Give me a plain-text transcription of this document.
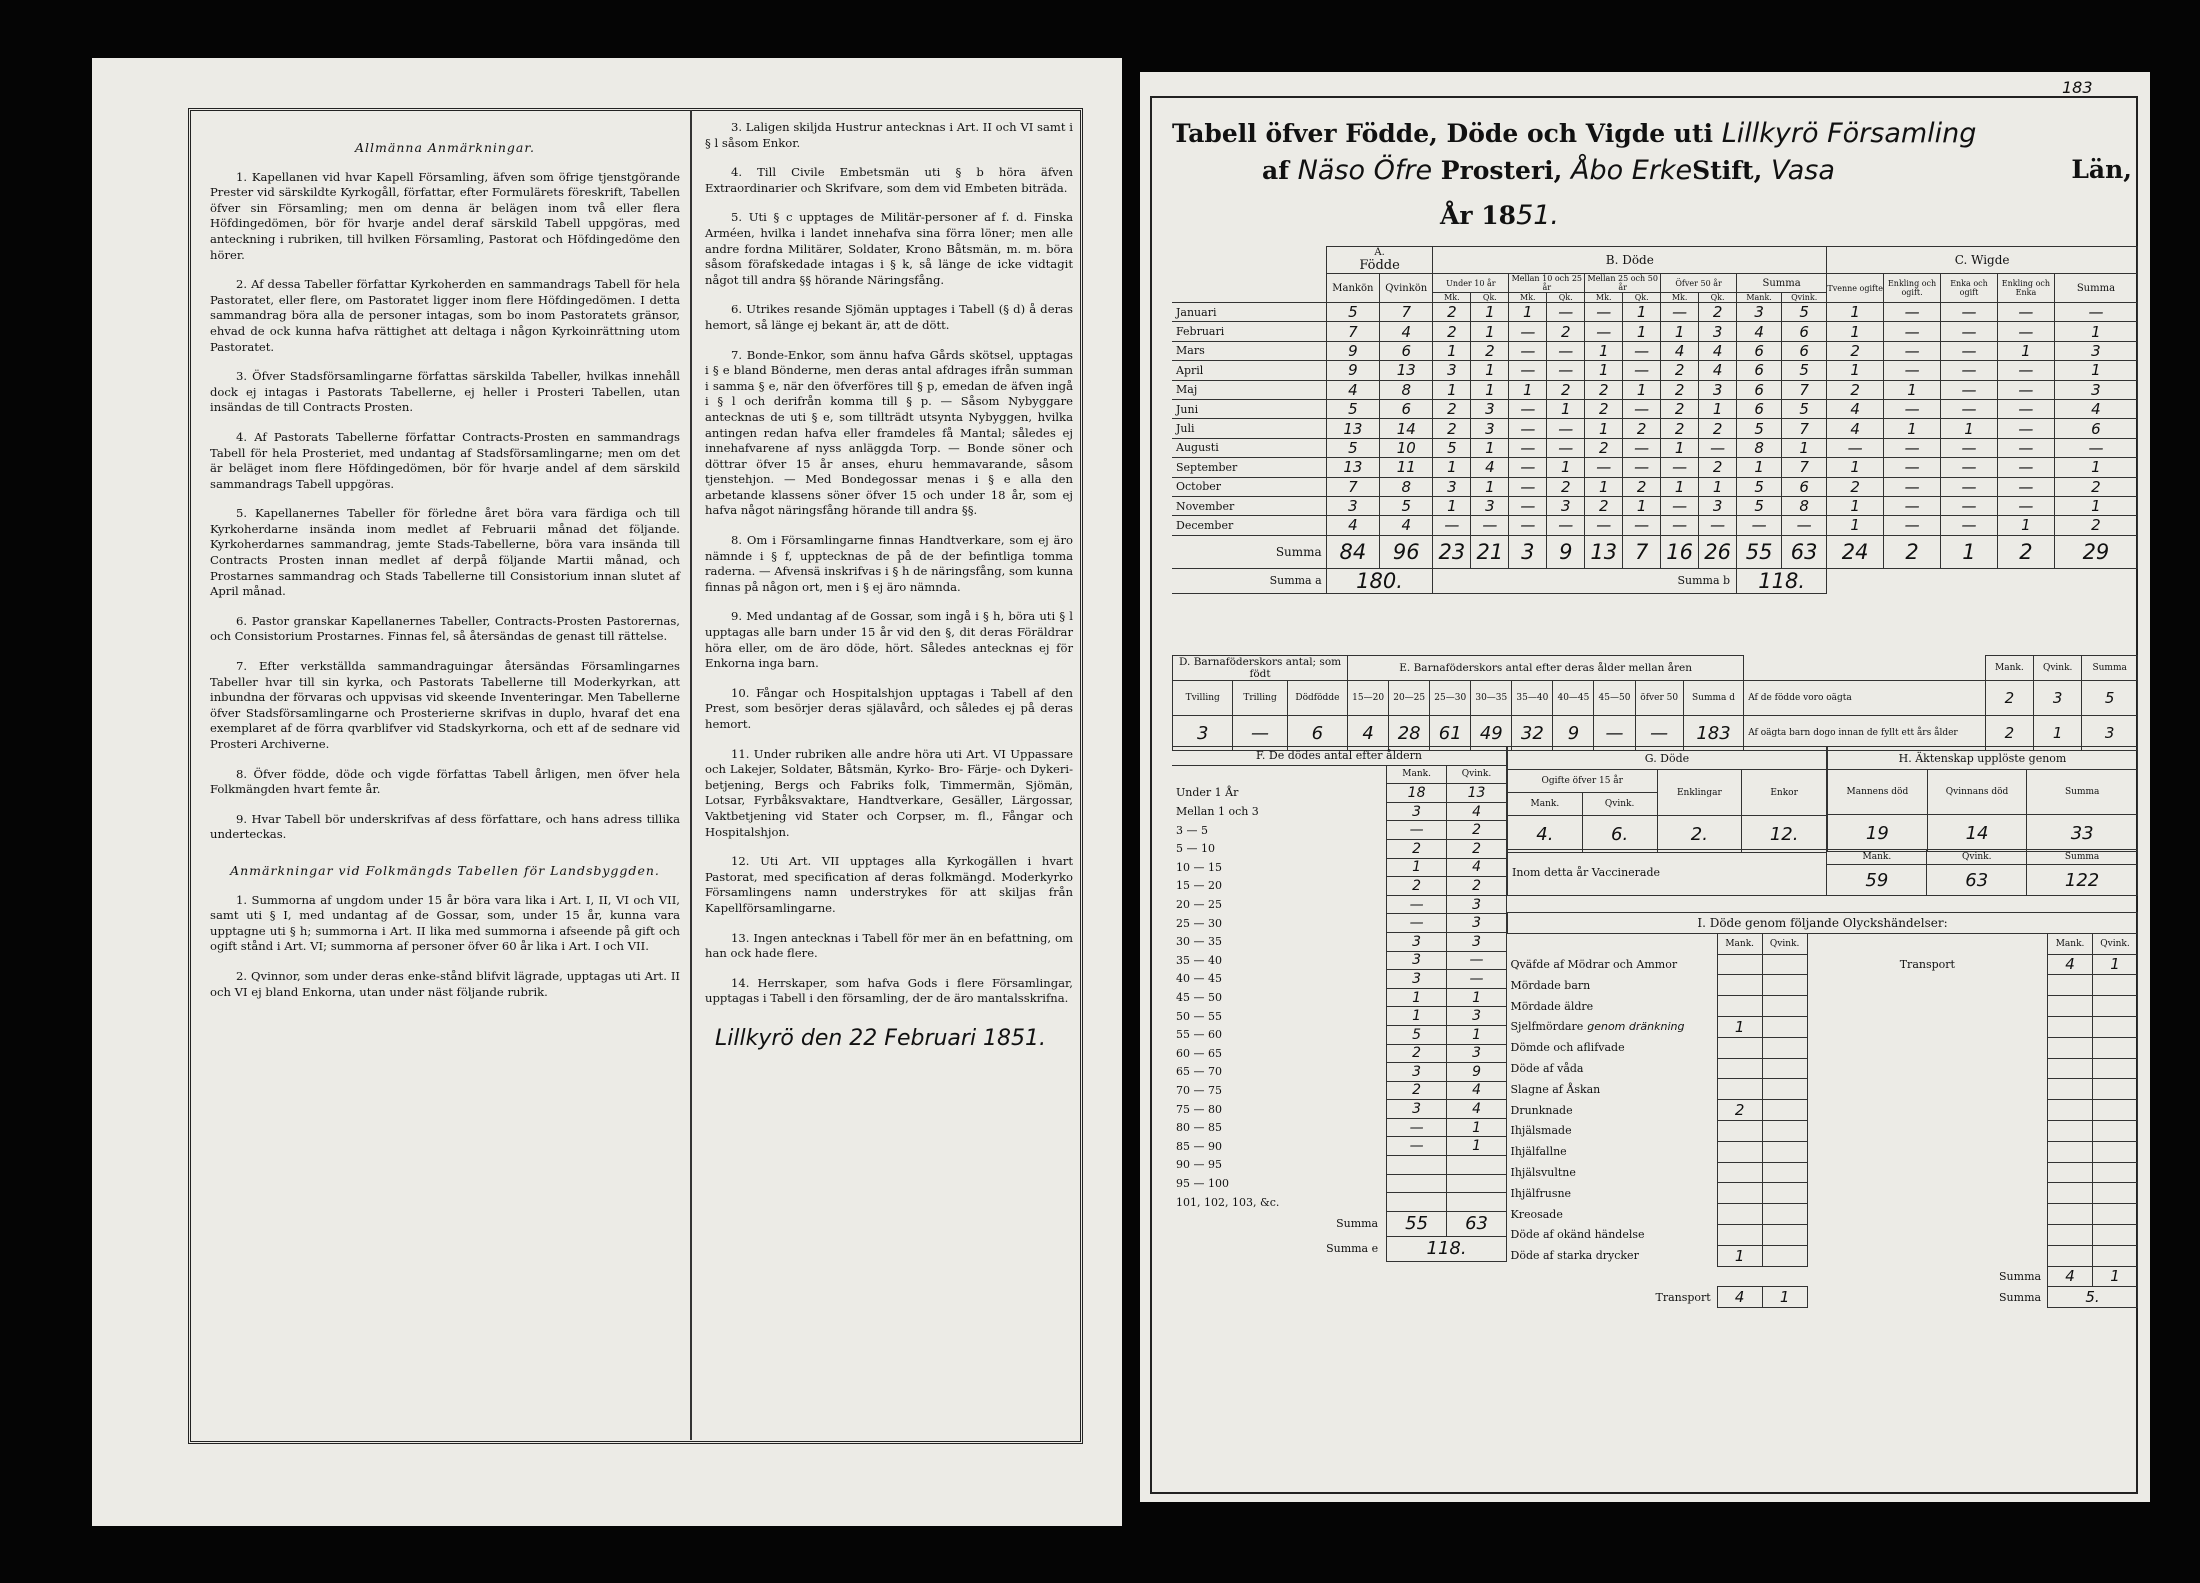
Allmänna Anmärkningar.

1. Kapellanen vid hvar Kapell Församling, äfven som öfrige tjenstgörande Prester vid särskildte Kyrkogåll, författar, efter Formulärets föreskrift, Tabellen öfver sin Församling; men om denna är belägen inom två eller flera Höfdingedömen, bör för hvarje andel deraf särskild Tabell uppgöras, med anteckning i rubriken, till hvilken Församling, Pastorat och Höfdingedöme den hörer.

2. Af dessa Tabeller författar Kyrkoherden en sammandrags Tabell för hela Pastoratet, eller flere, om Pastoratet ligger inom flere Höfdingedömen. I detta sammandrag böra alla de personer intagas, som bo inom Pastoratets gränsor, ehvad de ock kunna hafva rättighet att deltaga i någon Kyrkoinrättning utom Pastoratet.

3. Öfver Stadsförsamlingarne författas särskilda Tabeller, hvilkas innehåll dock ej intagas i Pastorats Tabellerne, ej heller i Prosteri Tabellen, utan insändas de till Contracts Prosten.

4. Af Pastorats Tabellerne författar Contracts-Prosten en sammandrags Tabell för hela Prosteriet, med undantag af Stadsförsamlingarne; men om det är beläget inom flere Höfdingedömen, bör för hvarje andel af dem särskild sammandrags Tabell uppgöras.

5. Kapellanernes Tabeller för förledne året böra vara färdiga och till Kyrkoherdarne insända inom medlet af Februarii månad det följande. Kyrkoherdarnes sammandrag, jemte Stads-Tabellerne, böra vara insända till Contracts Prosten innan medlet af derpå följande Martii månad, och Prostarnes sammandrag och Stads Tabellerne till Consistorium innan slutet af April månad.

6. Pastor granskar Kapellanernes Tabeller, Contracts-Prosten Pastorernas, och Consistorium Prostarnes. Finnas fel, så återsändas de genast till rättelse.

7. Efter verkställda sammandraguingar återsändas Församlingarnes Tabeller hvar till sin kyrka, och Pastorats Tabellerne till Moderkyrkan, att inbundna der förvaras och uppvisas vid skeende Inventeringar. Men Tabellerne öfver Stadsförsamlingarne och Prosterierne skrifvas in duplo, hvaraf det ena exemplaret af de förra qvarblifver vid Stadskyrkorna, och ett af de sednare vid Prosteri Archiverne.

8. Öfver födde, döde och vigde författas Tabell årligen, men öfver hela Folkmängden hvart femte år.

9. Hvar Tabell bör underskrifvas af dess författare, och hans adress tillika underteckas.

Anmärkningar vid Folkmängds Tabellen för Landsbyggden.

1. Summorna af ungdom under 15 år böra vara lika i Art. I, II, VI och VII, samt uti § I, med undantag af de Gossar, som, under 15 år, kunna vara upptagne uti § h; summorna i Art. II lika med summorna i afseende på gift och ogift stånd i Art. VI; summorna af personer öfver 60 år lika i Art. I och VII.

2. Qvinnor, som under deras enke-stånd blifvit lägrade, upptagas uti Art. II och VI ej bland Enkorna, utan under näst följande rubrik.

3. Laligen skiljda Hustrur antecknas i Art. II och VI samt i § l såsom Enkor.

4. Till Civile Embetsmän uti § b höra äfven Extraordinarier och Skrifvare, som dem vid Embeten biträda.

5. Uti § c upptages de Militär-personer af f. d. Finska Arméen, hvilka i landet innehafva sina förra löner; men alle andre fordna Militärer, Soldater, Krono Båtsmän, m. m. böra såsom förafskedade intagas i § k, så länge de icke vidtagit något till andra §§ hörande Näringsfång.

6. Utrikes resande Sjömän upptages i Tabell (§ d) å deras hemort, så länge ej bekant är, att de dött.

7. Bonde-Enkor, som ännu hafva Gårds skötsel, upptagas i § e bland Bönderne, men deras antal afdrages ifrån summan i samma § e, när den öfverföres till § p, emedan de äfven ingå i § l och derifrån komma till § p. — Såsom Nybyggare antecknas de uti § e, som tillträdt utsynta Nybyggen, hvilka antingen redan hafva eller framdeles få Mantal; således ej innehafvarene af nyss anläggda Torp. — Bonde söner och döttrar öfver 15 år anses, ehuru hemmavarande, såsom tjenstehjon. — Med Bondegossar menas i § e alla den arbetande klassens söner öfver 15 och under 18 år, som ej hafva något näringsfång hörande till andra §§.

8. Om i Församlingarne finnas Handtverkare, som ej äro nämnde i § f, upptecknas de på de der befintliga tomma raderna. — Afvensä inskrifvas i § h de näringsfång, som kunna finnas på någon ort, men i § ej äro nämnda.

9. Med undantag af de Gossar, som ingå i § h, böra uti § l upptagas alle barn under 15 år vid den §, dit deras Föräldrar höra eller, om de äro döde, hört. Således antecknas ej för Enkorna inga barn.

10. Fångar och Hospitalshjon upptagas i Tabell af den Prest, som besörjer deras själavård, och således ej på deras hemort.

11. Under rubriken alle andre höra uti Art. VI Uppassare och Lakejer, Soldater, Båtsmän, Kyrko- Bro- Färje- och Dykeri-betjening, Bergs och Fabriks folk, Timmermän, Sjömän, Lotsar, Fyrbåksvaktare, Handtverkare, Gesäller, Lärgossar, Vaktbetjening vid Stater och Corpser, m. fl., Fångar och Hospitalshjon.

12. Uti Art. VII upptages alla Kyrkogällen i hvart Pastorat, med specification af deras folkmängd. Moderkyrko Församlingens namn understrykes för att skiljas från Kapellförsamlingarne.

13. Ingen antecknas i Tabell för mer än en befattning, om han ock hade flere.

14. Herrskaper, som hafva Gods i flere Församlingar, upptagas i Tabell i den församling, der de äro mantalsskrifna.

Lillkyrö den 22 Februari 1851.

183
Tabell öfver Födde, Döde och Vigde uti Lillkyrö Församling
af Näso Öfre Prosteri, Åbo ErkeStift, Vasa	Län,
År 1851.
	A.
Födde		B. Döde										C. Wigde				
	Mankön	Qvinkön	Under 10 år		Mellan 10 och 25 år		Mellan 25 och 50 år		Öfver 50 år		Summa		Tvenne ogifte	Enkling och ogift.	Enka och ogift	Enkling och Enka	Summa
			Mk.	Qk.	Mk.	Qk.	Mk.	Qk.	Mk.	Qk.	Mank.	Qvink.					
Januari	5	7	2	1	1	—	—	1	—	2	3	5	1	—	—	—	—
Februari	7	4	2	1	—	2	—	1	1	3	4	6	1	—	—	—	1
Mars	9	6	1	2	—	—	1	—	4	4	6	6	2	—	—	1	3
April	9	13	3	1	—	—	1	—	2	4	6	5	1	—	—	—	1
Maj	4	8	1	1	1	2	2	1	2	3	6	7	2	1	—	—	3
Juni	5	6	2	3	—	1	2	—	2	1	6	5	4	—	—	—	4
Juli	13	14	2	3	—	—	1	2	2	2	5	7	4	1	1	—	6
Augusti	5	10	5	1	—	—	2	—	1	—	8	1	—	—	—	—	—
September	13	11	1	4	—	1	—	—	—	2	1	7	1	—	—	—	1
October	7	8	3	1	—	2	1	2	1	1	5	6	2	—	—	—	2
November	3	5	1	3	—	3	2	1	—	3	5	8	1	—	—	—	1
December	4	4	—	—	—	—	—	—	—	—	—	—	1	—	—	1	2
Summa	84	96	23	21	3	9	13	7	16	26	55	63	24	2	1	2	29
Summa a	180.		Summa b								118.						
D. Barnaföderskors antal; som födt			E. Barnaföderskors antal efter deras ålder mellan åren										Mank.	Qvink.	Summa
Tvilling	Trilling	Dödfödde	15—20	20—25	25—30	30—35	35—40	40—45	45—50	öfver 50	Summa d	Af de födde voro oägta	2	3	5
3	—	6	4	28	61	49	32	9	—	—	183	Af oägta barn dogo innan de fyllt ett års ålder	2	1	3
F. De dödes antal efter åldern		
	Mank.	Qvink.
Under 1 År	18	13
Mellan 1 och 3	3	4
3 — 5	—	2
5 — 10	2	2
10 — 15	1	4
15 — 20	2	2
20 — 25	—	3
25 — 30	—	3
30 — 35	3	3
35 — 40	3	—
40 — 45	3	—
45 — 50	1	1
50 — 55	1	3
55 — 60	5	1
60 — 65	2	3
65 — 70	3	9
70 — 75	2	4
75 — 80	3	4
80 — 85	—	1
85 — 90	—	1
90 — 95		
95 — 100		
101, 102, 103, &c.		
Summa	55	63
Summa e	118.	
G. Döde			
Ogifte öfver 15 år		Enklingar	Enkor
Mank.	Qvink.		
4.	6.	2.	12.
H. Äktenskap upplöste genom		
Mannens död	Qvinnans död	Summa
19	14	33
Inom detta år Vaccinerade	Mank.	Qvink.	Summa
	59	63	122
I. Döde genom följande Olyckshändelser:					
	Mank.	Qvink.		Mank.	Qvink.
Qväfde af Mödrar och Ammor			Transport	4	1
Mördade barn					
Mördade äldre					
Sjelfmördare genom dränkning	1				
Dömde och aflifvade					
Döde af våda					
Slagne af Åskan					
Drunknade	2				
Ihjälsmade					
Ihjälfallne					
Ihjälsvultne					
Ihjälfrusne					
Kreosade					
Döde af okänd händelse					
Döde af starka drycker	1				
			Summa	4	1
Transport	4	1	Summa	5.	
